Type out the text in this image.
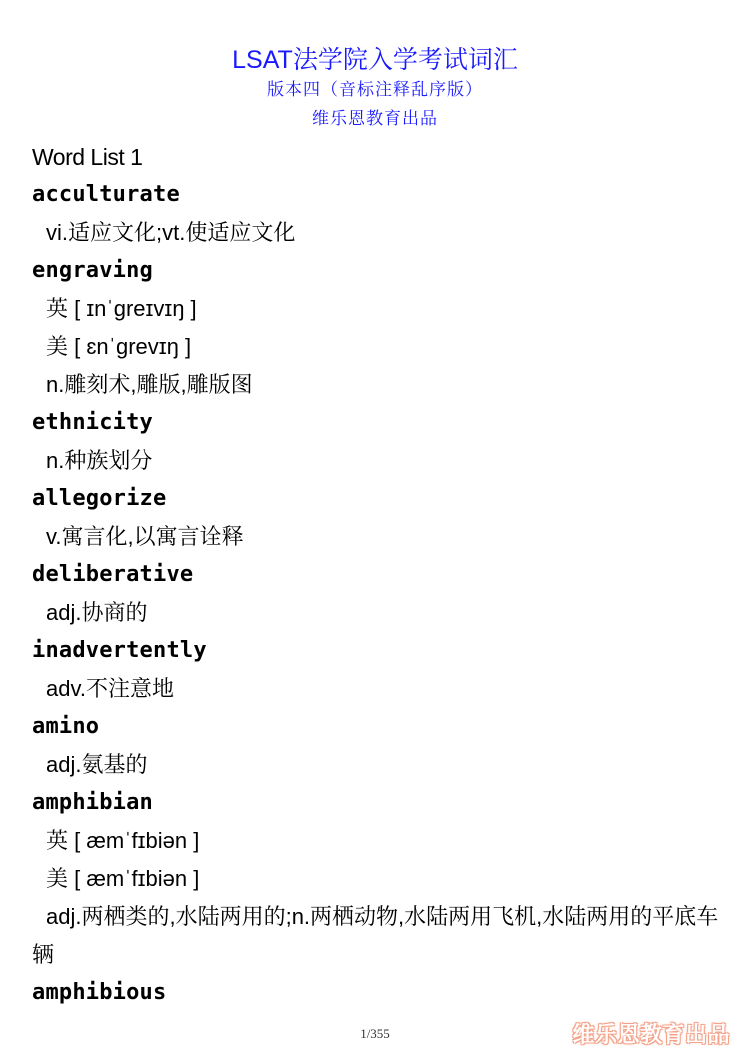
LSAT法学院入学考试词汇
版本四（音标注释乱序版）
维乐恩教育出品
Word List 1
acculturate
vi.适应文化;vt.使适应文化
engraving
英 [ ɪnˈgreɪvɪŋ ]
美 [ ɛnˈgrevɪŋ ]
n.雕刻术,雕版,雕版图
ethnicity
n.种族划分
allegorize
v.寓言化,以寓言诠释
deliberative
adj.协商的
inadvertently
adv.不注意地
amino
adj.氨基的
amphibian
英 [ æmˈfɪbiən ]
美 [ æmˈfɪbiən ]
adj.两栖类的,水陆两用的;n.两栖动物,水陆两用飞机,水陆两用的平底车辆
amphibious
1/355	维乐恩教育出品
